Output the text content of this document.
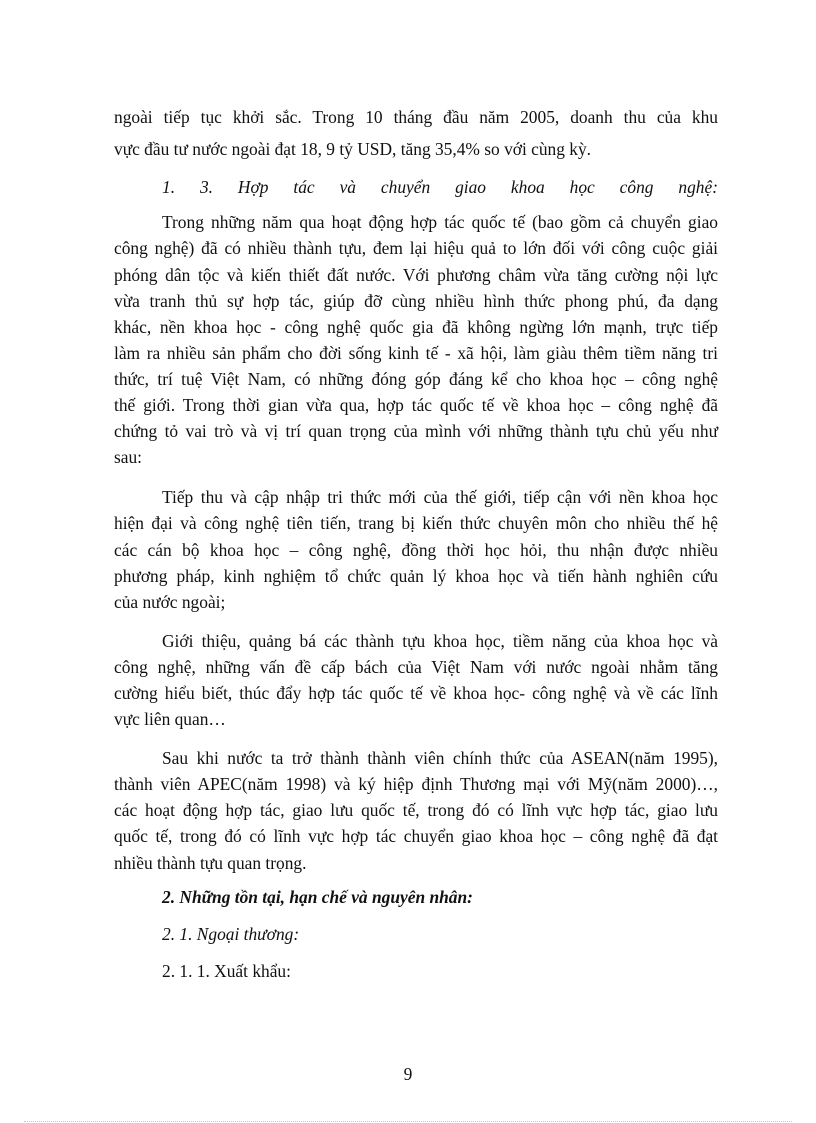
ngoài tiếp tục khởi sắc. Trong 10 tháng đầu năm 2005, doanh thu của khu
vực đầu tư nước ngoài đạt 18, 9 tỷ USD, tăng 35,4% so với cùng kỳ.
1. 3. Hợp tác và chuyển giao khoa học công nghệ:
Trong những năm qua hoạt động hợp tác quốc tế (bao gồm cả chuyển giao
công nghệ) đã có nhiều thành tựu, đem lại hiệu quả to lớn đối với công cuộc giải
phóng dân tộc và kiến thiết đất nước. Với phương châm vừa tăng cường nội lực
vừa tranh thủ sự hợp tác, giúp đỡ cùng nhiều hình thức phong phú, đa dạng
khác, nền khoa học - công nghệ quốc gia đã không ngừng lớn mạnh, trực tiếp
làm ra nhiều sản phẩm cho đời sống kinh tế - xã hội, làm giàu thêm tiềm năng tri
thức, trí tuệ Việt Nam, có những đóng góp đáng kể cho khoa học – công nghệ
thế giới. Trong thời gian vừa qua, hợp tác quốc tế về khoa học – công nghệ đã
chứng tỏ vai trò và vị trí quan trọng của mình với những thành tựu chủ yếu như
sau:
Tiếp thu và cập nhập tri thức mới của thế giới, tiếp cận với nền khoa học
hiện đại và công nghệ tiên tiến, trang bị kiến thức chuyên môn cho nhiều thế hệ
các cán bộ khoa học – công nghệ, đồng thời học hỏi, thu nhận được nhiều
phương pháp, kinh nghiệm tổ chức quản lý khoa học và tiến hành nghiên cứu
của nước ngoài;
Giới thiệu, quảng bá các thành tựu khoa học, tiềm năng của khoa học và
công nghệ, những vấn đề cấp bách của Việt Nam với nước ngoài nhằm tăng
cường hiểu biết, thúc đẩy hợp tác quốc tế về khoa học- công nghệ và về các lĩnh
vực liên quan…
Sau khi nước ta trở thành thành viên chính thức của ASEAN(năm 1995),
thành viên APEC(năm 1998) và ký hiệp định Thương mại với Mỹ(năm 2000)…,
các hoạt động hợp tác, giao lưu quốc tế, trong đó có lĩnh vực hợp tác, giao lưu
quốc tế, trong đó có lĩnh vực hợp tác chuyển giao khoa học – công nghệ đã đạt
nhiều thành tựu quan trọng.
2. Những tồn tại, hạn chế và nguyên nhân:
2. 1. Ngoại thương:
2. 1. 1. Xuất khẩu:
9
